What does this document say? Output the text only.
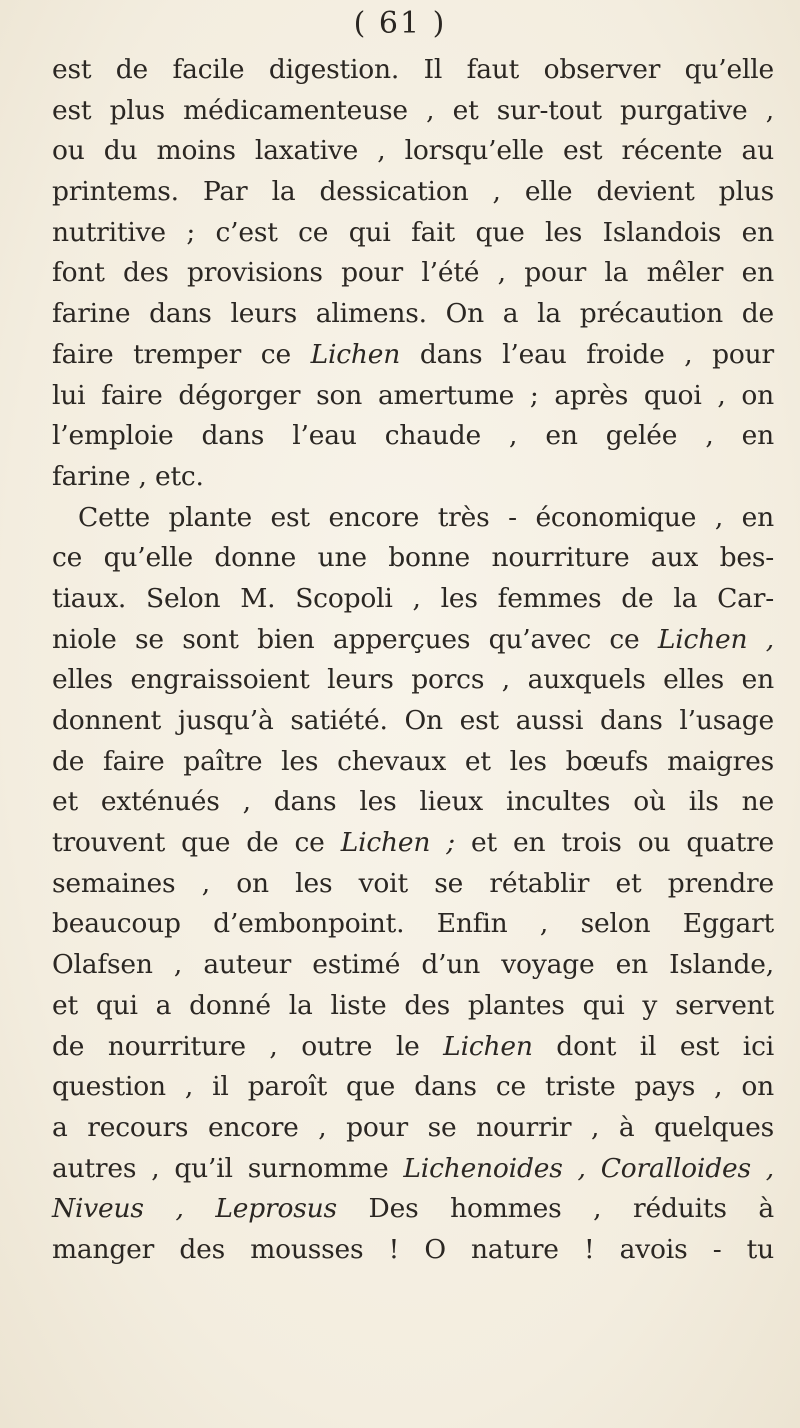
( 61 )
est de facile digestion. Il faut observer qu’elle
est plus médicamenteuse , et sur-tout purgative ,
ou du moins laxative , lorsqu’elle est récente au
printems. Par la dessication , elle devient plus
nutritive ; c’est ce qui fait que les Islandois en
font des provisions pour l’été , pour la mêler en
farine dans leurs alimens. On a la précaution de
faire tremper ce Lichen dans l’eau froide , pour
lui faire dégorger son amertume ; après quoi , on
l’emploie dans l’eau chaude , en gelée , en
farine , etc.
Cette plante est encore très - économique , en
ce qu’elle donne une bonne nourriture aux bes-
tiaux. Selon M. Scopoli , les femmes de la Car-
niole se sont bien apperçues qu’avec ce Lichen ,
elles engraissoient leurs porcs , auxquels elles en
donnent jusqu’à satiété. On est aussi dans l’usage
de faire paître les chevaux et les bœufs maigres
et exténués , dans les lieux incultes où ils ne
trouvent que de ce Lichen ; et en trois ou quatre
semaines , on les voit se rétablir et prendre
beaucoup d’embonpoint. Enfin , selon Eggart
Olafsen , auteur estimé d’un voyage en Islande,
et qui a donné la liste des plantes qui y servent
de nourriture , outre le Lichen dont il est ici
question , il paroît que dans ce triste pays , on
a recours encore , pour se nourrir , à quelques
autres , qu’il surnomme Lichenoides , Coralloides ,
Niveus , Leprosus Des hommes , réduits à
manger des mousses ! O nature ! avois - tu
